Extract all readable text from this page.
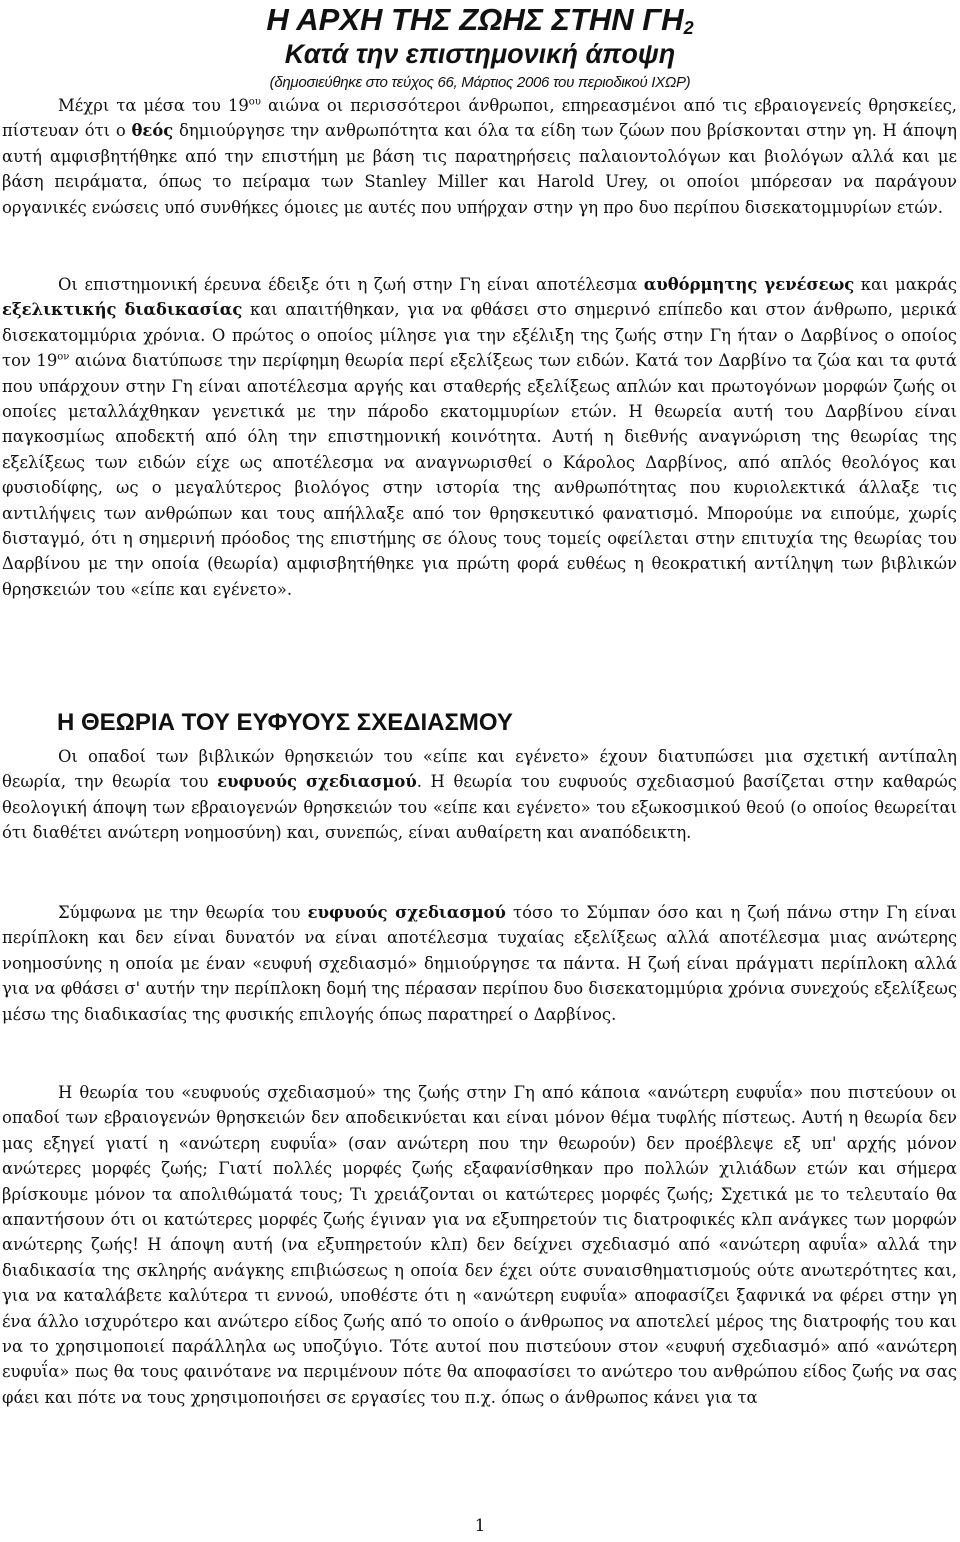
Η ΑΡΧΗ ΤΗΣ ΖΩΗΣ ΣΤΗΝ $\Gamma H_2$
Κατά την επιστημονική άποψη
(δημοσιεύθηκε στο τεύχος 66, Μάρτιος 2006 του περιοδικού ΙΧΩΡ)

Μέχρι τα μέσα του $19^{o\upsilon}$ αιώνα οι περισσότεροι άνθρωποι, επηρεασμένοι από τις εβραιογενείς θρησκείες, πίστευαν ότι ο θεός δημιούργησε την ανθρωπότητα και όλα τα είδη των ζώων που βρίσκονται στην γη. Η άποψη αυτή αμφισβητήθηκε από την επιστήμη με βάση τις παρατηρήσεις παλαιοντολόγων και βιολόγων αλλά και με βάση πειράματα, όπως το πείραμα των Stanley Miller και Harold Urey, οι οποίοι μπόρεσαν να παράγουν οργανικές ενώσεις υπό συνθήκες όμοιες με αυτές που υπήρχαν στην γη προ δυο περίπου δισεκατομμυρίων ετών.

Οι επιστημονική έρευνα έδειξε ότι η ζωή στην Γη είναι αποτέλεσμα αυθόρμητης γενέσεως και μακράς εξελικτικής διαδικασίας και απαιτήθηκαν, για να φθάσει στο σημερινό επίπεδο και στον άνθρωπο, μερικά δισεκατομμύρια χρόνια. Ο πρώτος ο οποίος μίλησε για την εξέλιξη της ζωής στην Γη ήταν ο Δαρβίνος ο οποίος τον $19^{o\nu}$ αιώνα διατύπωσε την περίφημη θεωρία περί εξελίξεως των ειδών. Κατά τον Δαρβίνο τα ζώα και τα φυτά που υπάρχουν στην Γη είναι αποτέλεσμα αργής και σταθερής εξελίξεως απλών και πρωτογόνων μορφών ζωής οι οποίες μεταλλάχθηκαν γενετικά με την πάροδο εκατομμυρίων ετών. Η θεωρεία αυτή του Δαρβίνου είναι παγκοσμίως αποδεκτή από όλη την επιστημονική κοινότητα. Αυτή η διεθνής αναγνώριση της θεωρίας της εξελίξεως των ειδών είχε ως αποτέλεσμα να αναγνωρισθεί ο Κάρολος Δαρβίνος, από απλός θεολόγος και φυσιοδίφης, ως ο μεγαλύτερος βιολόγος στην ιστορία της ανθρωπότητας που κυριολεκτικά άλλαξε τις αντιλήψεις των ανθρώπων και τους απήλλαξε από τον θρησκευτικό φανατισμό. Μπορούμε να ειπούμε, χωρίς δισταγμό, ότι η σημερινή πρόοδος της επιστήμης σε όλους τους τομείς οφείλεται στην επιτυχία της θεωρίας του Δαρβίνου με την οποία (θεωρία) αμφισβητήθηκε για πρώτη φορά ευθέως η θεοκρατική αντίληψη των βιβλικών θρησκειών του «είπε και εγένετο».

Η ΘΕΩΡΙΑ ΤΟΥ ΕΥΦΥΟΥΣ ΣΧΕΔΙΑΣΜΟΥ

Οι οπαδοί των βιβλικών θρησκειών του «είπε και εγένετο» έχουν διατυπώσει μια σχετική αντίπαλη θεωρία, την θεωρία του ευφυούς σχεδιασμού. Η θεωρία του ευφυούς σχεδιασμού βασίζεται στην καθαρώς θεολογική άποψη των εβραιογενών θρησκειών του «είπε και εγένετο» του εξωκοσμικού θεού (ο οποίος θεωρείται ότι διαθέτει ανώτερη νοημοσύνη) και, συνεπώς, είναι αυθαίρετη και αναπόδεικτη.

Σύμφωνα με την θεωρία του ευφυούς σχεδιασμού τόσο το Σύμπαν όσο και η ζωή πάνω στην Γη είναι περίπλοκη και δεν είναι δυνατόν να είναι αποτέλεσμα τυχαίας εξελίξεως αλλά αποτέλεσμα μιας ανώτερης νοημοσύνης η οποία με έναν «ευφυή σχεδιασμό» δημιούργησε τα πάντα. Η ζωή είναι πράγματι περίπλοκη αλλά για να φθάσει σ' αυτήν την περίπλοκη δομή της πέρασαν περίπου δυο δισεκατομμύρια χρόνια συνεχούς εξελίξεως μέσω της διαδικασίας της φυσικής επιλογής όπως παρατηρεί ο Δαρβίνος.

Η θεωρία του «ευφυούς σχεδιασμού» της ζωής στην Γη από κάποια «ανώτερη ευφυΐα» που πιστεύουν οι οπαδοί των εβραιογενών θρησκειών δεν αποδεικνύεται και είναι μόνον θέμα τυφλής πίστεως. Αυτή η θεωρία δεν μας εξηγεί γιατί η «ανώτερη ευφυΐα» (σαν ανώτερη που την θεωρούν) δεν προέβλεψε εξ υπ' αρχής μόνον ανώτερες μορφές ζωής; Γιατί πολλές μορφές ζωής εξαφανίσθηκαν προ πολλών χιλιάδων ετών και σήμερα βρίσκουμε μόνον τα απολιθώματά τους; Τι χρειάζονται οι κατώτερες μορφές ζωής; Σχετικά με το τελευταίο θα απαντήσουν ότι οι κατώτερες μορφές ζωής έγιναν για να εξυπηρετούν τις διατροφικές κλπ ανάγκες των μορφών ανώτερης ζωής! Η άποψη αυτή (να εξυπηρετούν κλπ) δεν δείχνει σχεδιασμό από «ανώτερη αφυΐα» αλλά την διαδικασία της σκληρής ανάγκης επιβιώσεως η οποία δεν έχει ούτε συναισθηματισμούς ούτε ανωτερότητες και, για να καταλάβετε καλύτερα τι εννοώ, υποθέστε ότι η «ανώτερη ευφυΐα» αποφασίζει ξαφνικά να φέρει στην γη ένα άλλο ισχυρότερο και ανώτερο είδος ζωής από το οποίο ο άνθρωπος να αποτελεί μέρος της διατροφής του και να το χρησιμοποιεί παράλληλα ως υποζύγιο. Τότε αυτοί που πιστεύουν στον «ευφυή σχεδιασμό» από «ανώτερη ευφυΐα» πως θα τους φαινότανε να περιμένουν πότε θα αποφασίσει το ανώτερο του ανθρώπου είδος ζωής να σας φάει και πότε να τους χρησιμοποιήσει σε εργασίες του π.χ. όπως ο άνθρωπος κάνει για τα

1
